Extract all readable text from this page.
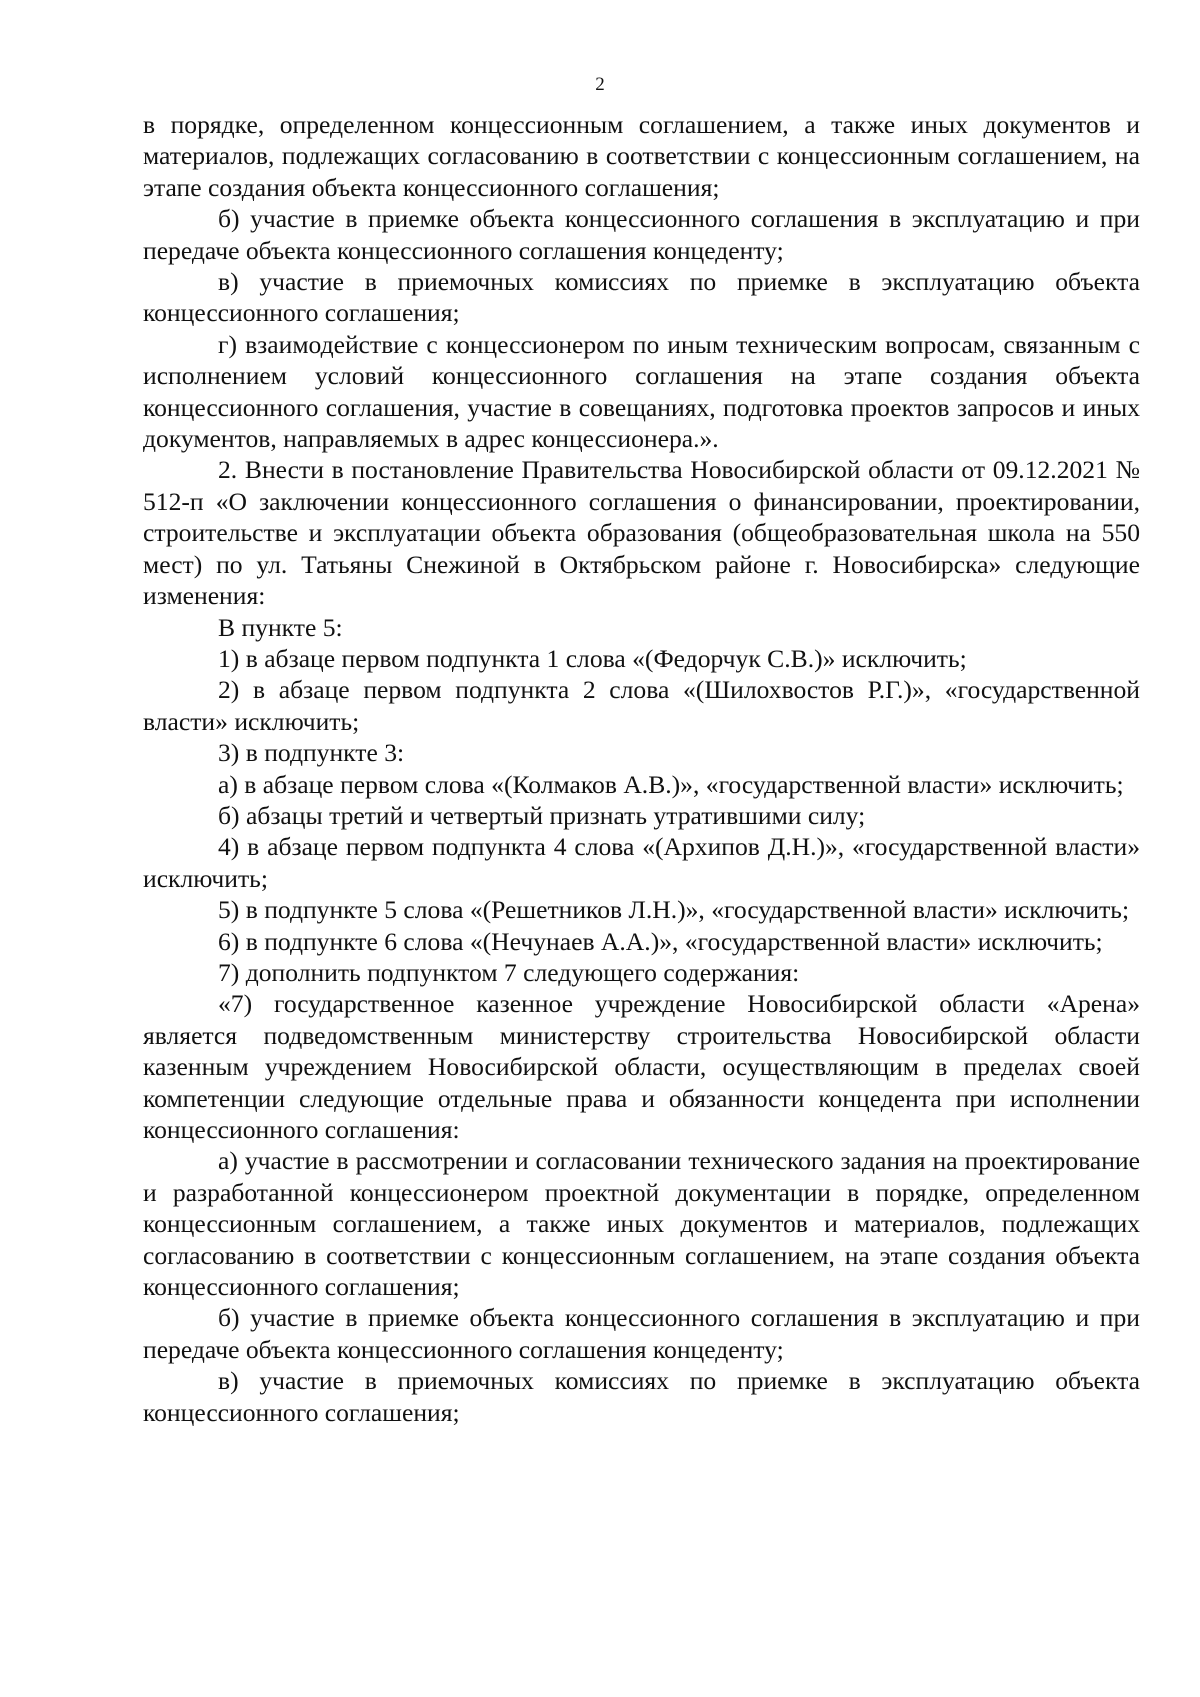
2

в порядке, определенном концессионным соглашением, а также иных документов и материалов, подлежащих согласованию в соответствии с концессионным соглашением, на этапе создания объекта концессионного соглашения;

б) участие в приемке объекта концессионного соглашения в эксплуатацию и при передаче объекта концессионного соглашения концеденту;

в) участие в приемочных комиссиях по приемке в эксплуатацию объекта концессионного соглашения;

г) взаимодействие с концессионером по иным техническим вопросам, связанным с исполнением условий концессионного соглашения на этапе создания объекта концессионного соглашения, участие в совещаниях, подготовка проектов запросов и иных документов, направляемых в адрес концессионера.».

2. Внести в постановление Правительства Новосибирской области от 09.12.2021 № 512-п «О заключении концессионного соглашения о финансировании, проектировании, строительстве и эксплуатации объекта образования (общеобразовательная школа на 550 мест) по ул. Татьяны Снежиной в Октябрьском районе г. Новосибирска» следующие изменения:

В пункте 5:

1) в абзаце первом подпункта 1 слова «(Федорчук С.В.)» исключить;

2) в абзаце первом подпункта 2 слова «(Шилохвостов Р.Г.)», «государственной власти» исключить;

3) в подпункте 3:

а) в абзаце первом слова «(Колмаков А.В.)», «государственной власти» исключить;

б) абзацы третий и четвертый признать утратившими силу;

4) в абзаце первом подпункта 4 слова «(Архипов Д.Н.)», «государственной власти» исключить;

5) в подпункте 5 слова «(Решетников Л.Н.)», «государственной власти» исключить;

6) в подпункте 6 слова «(Нечунаев А.А.)», «государственной власти» исключить;

7) дополнить подпунктом 7 следующего содержания:

«7) государственное казенное учреждение Новосибирской области «Арена» является подведомственным министерству строительства Новосибирской области казенным учреждением Новосибирской области, осуществляющим в пределах своей компетенции следующие отдельные права и обязанности концедента при исполнении концессионного соглашения:

а) участие в рассмотрении и согласовании технического задания на проектирование и разработанной концессионером проектной документации в порядке, определенном концессионным соглашением, а также иных документов и материалов, подлежащих согласованию в соответствии с концессионным соглашением, на этапе создания объекта концессионного соглашения;

б) участие в приемке объекта концессионного соглашения в эксплуатацию и при передаче объекта концессионного соглашения концеденту;

в) участие в приемочных комиссиях по приемке в эксплуатацию объекта концессионного соглашения;
